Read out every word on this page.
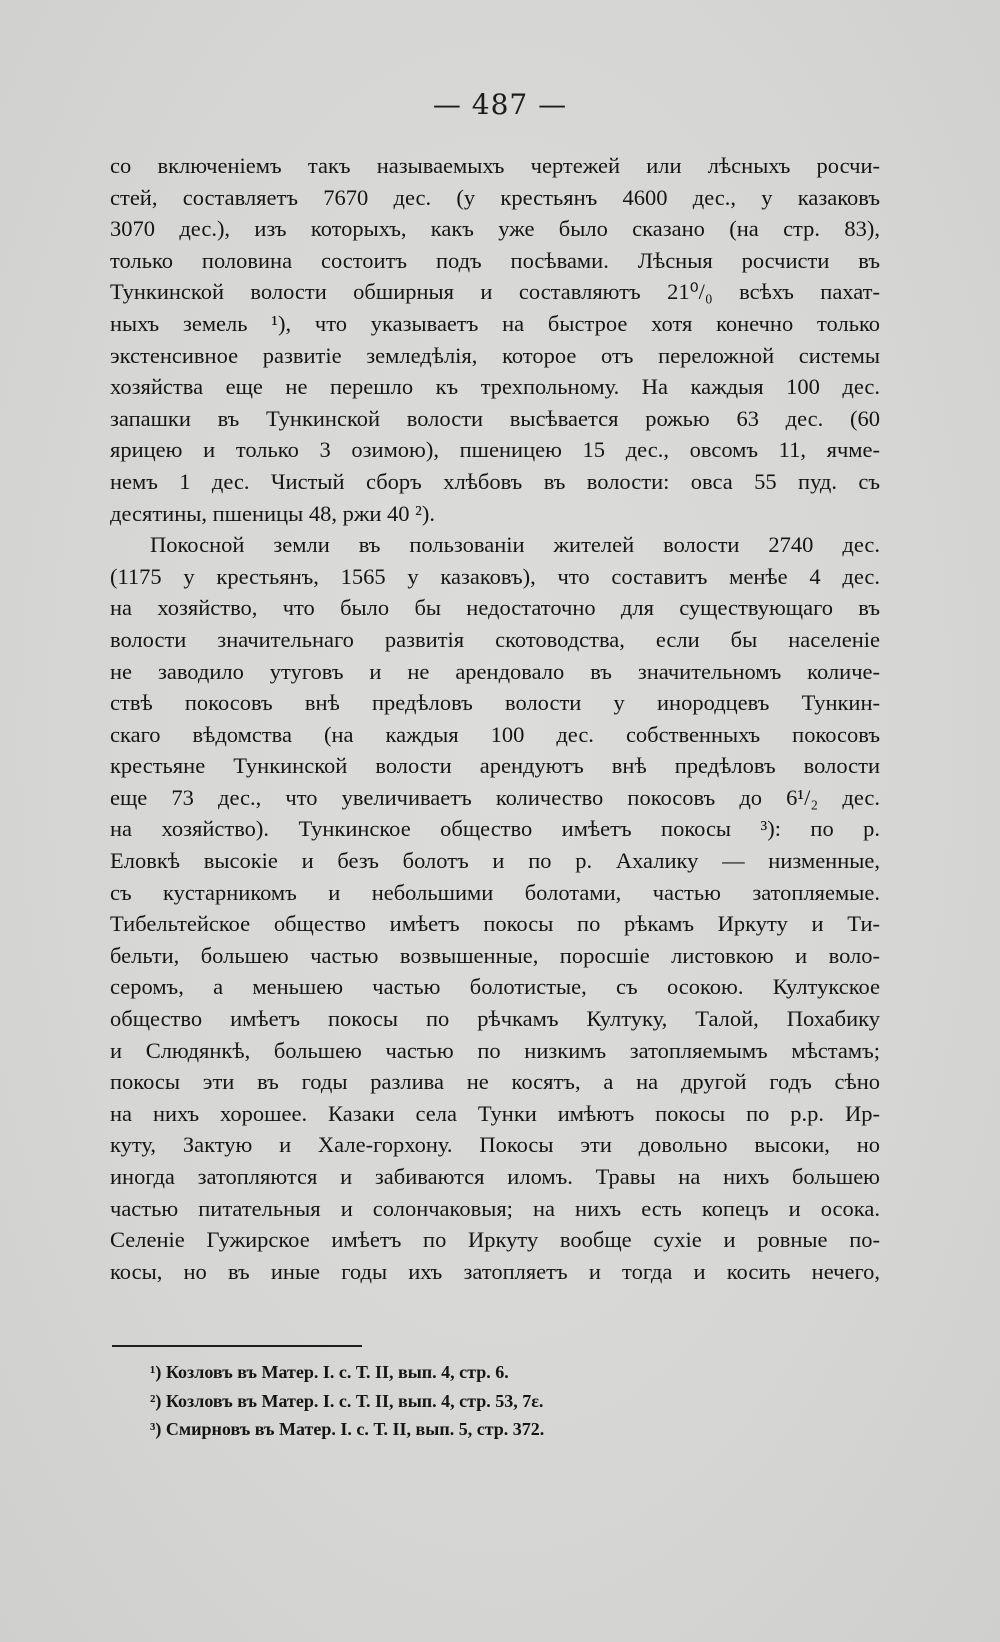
— 487 —

со включеніемъ такъ называемыхъ чертежей или лѣсныхъ росчи-
стей, составляетъ 7670 дес. (у крестьянъ 4600 дес., у казаковъ
3070 дес.), изъ которыхъ, какъ уже было сказано (на стр. 83),
только половина состоитъ подъ посѣвами. Лѣсныя росчисти въ
Тункинской волости обширныя и составляютъ 21⁰/₀ всѣхъ пахат-
ныхъ земель ¹), что указываетъ на быстрое хотя конечно только
экстенсивное развитіе земледѣлія, которое отъ переложной системы
хозяйства еще не перешло къ трехпольному. На каждыя 100 дес.
запашки въ Тункинской волости высѣвается рожью 63 дес. (60
ярицею и только 3 озимою), пшеницею 15 дес., овсомъ 11, ячме-
немъ 1 дес. Чистый сборъ хлѣбовъ въ волости: овса 55 пуд. съ
десятины, пшеницы 48, ржи 40 ²).

Покосной земли въ пользованіи жителей волости 2740 дес.
(1175 у крестьянъ, 1565 у казаковъ), что составитъ менѣе 4 дес.
на хозяйство, что было бы недостаточно для существующаго въ
волости значительнаго развитія скотоводства, если бы населеніе
не заводило утуговъ и не арендовало въ значительномъ количе-
ствѣ покосовъ внѣ предѣловъ волости у инородцевъ Тункин-
скаго вѣдомства (на каждыя 100 дес. собственныхъ покосовъ
крестьяне Тункинской волости арендуютъ внѣ предѣловъ волости
еще 73 дес., что увеличиваетъ количество покосовъ до 6¹/₂ дес.
на хозяйство). Тункинское общество имѣетъ покосы ³): по р.
Еловкѣ высокіе и безъ болотъ и по р. Ахалику — низменные,
съ кустарникомъ и небольшими болотами, частью затопляемые.
Тибельтейское общество имѣетъ покосы по рѣкамъ Иркуту и Ти-
бельти, большею частью возвышенные, поросшіе листовкою и воло-
серомъ, а меньшею частью болотистые, съ осокою. Култукское
общество имѣетъ покосы по рѣчкамъ Култуку, Талой, Похабику
и Слюдянкѣ, большею частью по низкимъ затопляемымъ мѣстамъ;
покосы эти въ годы разлива не косятъ, а на другой годъ сѣно
на нихъ хорошее. Казаки села Тунки имѣютъ покосы по р.р. Ир-
куту, Зактую и Хале-горхону. Покосы эти довольно высоки, но
иногда затопляются и забиваются иломъ. Травы на нихъ большею
частью питательныя и солончаковыя; на нихъ есть копецъ и осока.
Селеніе Гужирское имѣетъ по Иркуту вообще сухіе и ровные по-
косы, но въ иные годы ихъ затопляетъ и тогда и косить нечего,

¹) Козловъ въ Матер. I. с. Т. II, вып. 4, стр. 6.
²) Козловъ въ Матер. I. с. Т. II, вып. 4, стр. 53, 7ε.
³) Смирновъ въ Матер. I. с. Т. II, вып. 5, стр. 372.
